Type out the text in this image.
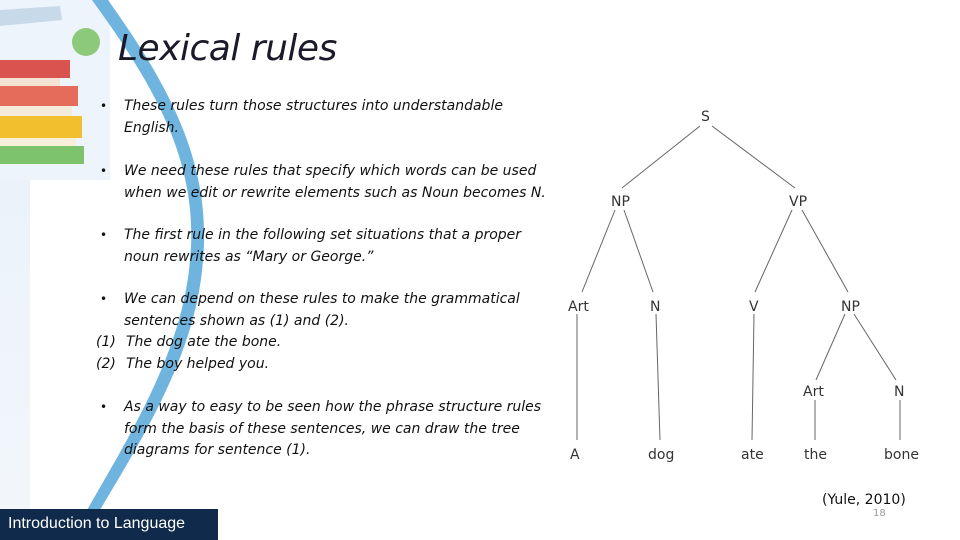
Lexical rules
• These rules turn those structures into understandable English.
• We need these rules that specify which words can be used when we edit or rewrite elements such as Noun becomes N.
• The first rule in the following set situations that a proper noun rewrites as “Mary or George.”
• We can depend on these rules to make the grammatical sentences shown as (1) and (2).
(1) The dog ate the bone.
(2) The boy helped you.
• As a way to easy to be seen how the phrase structure rules form the basis of these sentences, we can draw the tree diagrams for sentence (1).
S
NP	VP
Art	N	V	NP
Art	N
A	dog	ate	the	bone
(Yule, 2010)
18
Introduction to Language
